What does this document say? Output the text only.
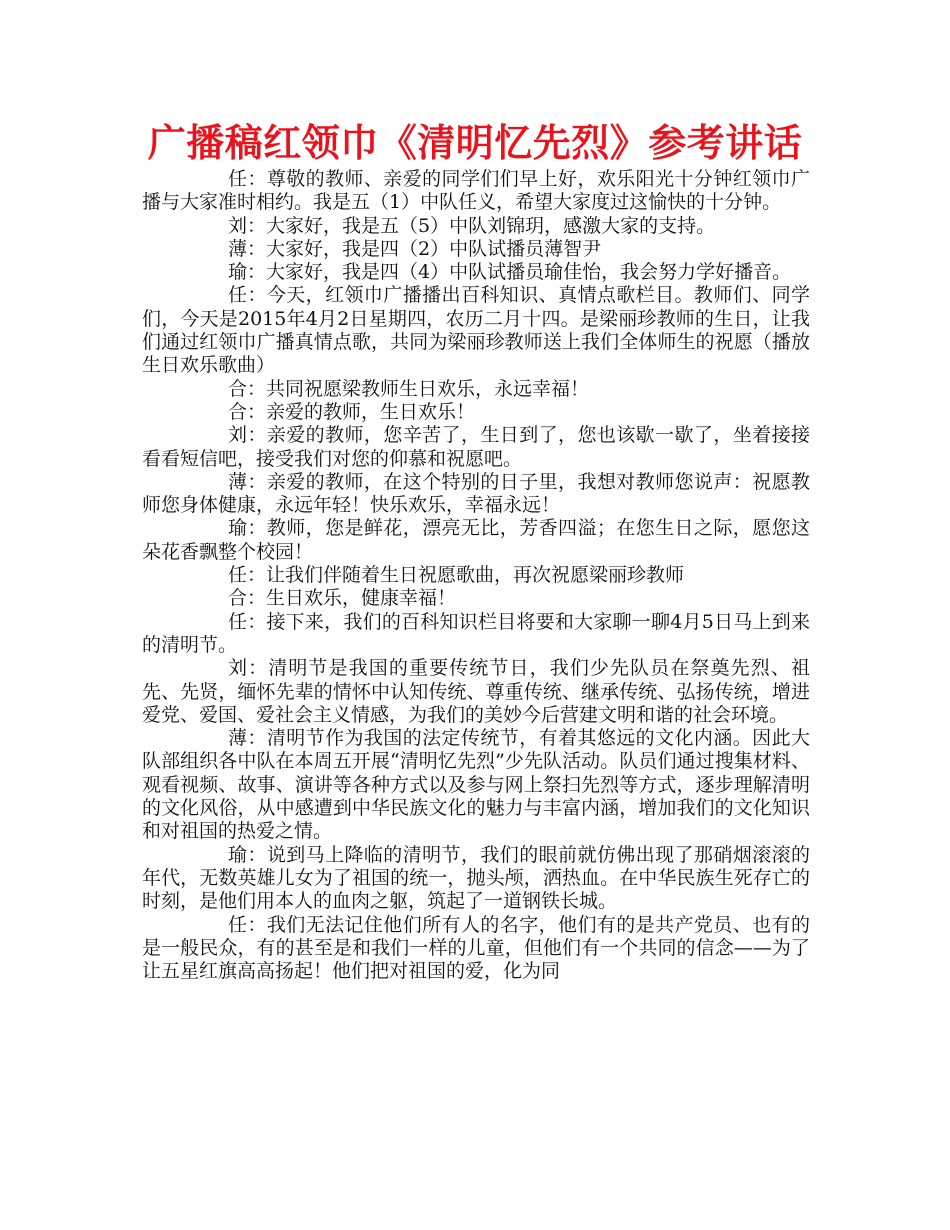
广播稿红领巾《清明忆先烈》参考讲话

任：尊敬的教师、亲爱的同学们们早上好，欢乐阳光十分钟红领巾广播与大家准时相约。我是五（1）中队任义，希望大家度过这愉快的十分钟。

刘：大家好，我是五（5）中队刘锦玥，感激大家的支持。

薄：大家好，我是四（2）中队试播员薄智尹

瑜：大家好，我是四（4）中队试播员瑜佳怡，我会努力学好播音。

任：今天，红领巾广播播出百科知识、真情点歌栏目。教师们、同学们，今天是2015年4月2日星期四，农历二月十四。是梁丽珍教师的生日，让我们通过红领巾广播真情点歌，共同为梁丽珍教师送上我们全体师生的祝愿（播放生日欢乐歌曲）

合：共同祝愿梁教师生日欢乐，永远幸福！

合：亲爱的教师，生日欢乐！

刘：亲爱的教师，您辛苦了，生日到了，您也该歇一歇了，坐着接接看看短信吧，接受我们对您的仰慕和祝愿吧。

薄：亲爱的教师，在这个特别的日子里，我想对教师您说声：祝愿教师您身体健康，永远年轻！快乐欢乐，幸福永远！

瑜：教师，您是鲜花，漂亮无比，芳香四溢；在您生日之际，愿您这朵花香飘整个校园！

任：让我们伴随着生日祝愿歌曲，再次祝愿梁丽珍教师

合：生日欢乐，健康幸福！

任：接下来，我们的百科知识栏目将要和大家聊一聊4月5日马上到来的清明节。

刘：清明节是我国的重要传统节日，我们少先队员在祭奠先烈、祖先、先贤，缅怀先辈的情怀中认知传统、尊重传统、继承传统、弘扬传统，增进爱党、爱国、爱社会主义情感，为我们的美妙今后营建文明和谐的社会环境。

薄：清明节作为我国的法定传统节，有着其悠远的文化内涵。因此大队部组织各中队在本周五开展“清明忆先烈”少先队活动。队员们通过搜集材料、观看视频、故事、演讲等各种方式以及参与网上祭扫先烈等方式，逐步理解清明的文化风俗，从中感遭到中华民族文化的魅力与丰富内涵，增加我们的文化知识和对祖国的热爱之情。

瑜：说到马上降临的清明节，我们的眼前就仿佛出现了那硝烟滚滚的年代，无数英雄儿女为了祖国的统一，抛头颅，洒热血。在中华民族生死存亡的时刻，是他们用本人的血肉之躯，筑起了一道钢铁长城。

任：我们无法记住他们所有人的名字，他们有的是共产党员、也有的是一般民众，有的甚至是和我们一样的儿童，但他们有一个共同的信念——为了让五星红旗高高扬起！他们把对祖国的爱，化为同
